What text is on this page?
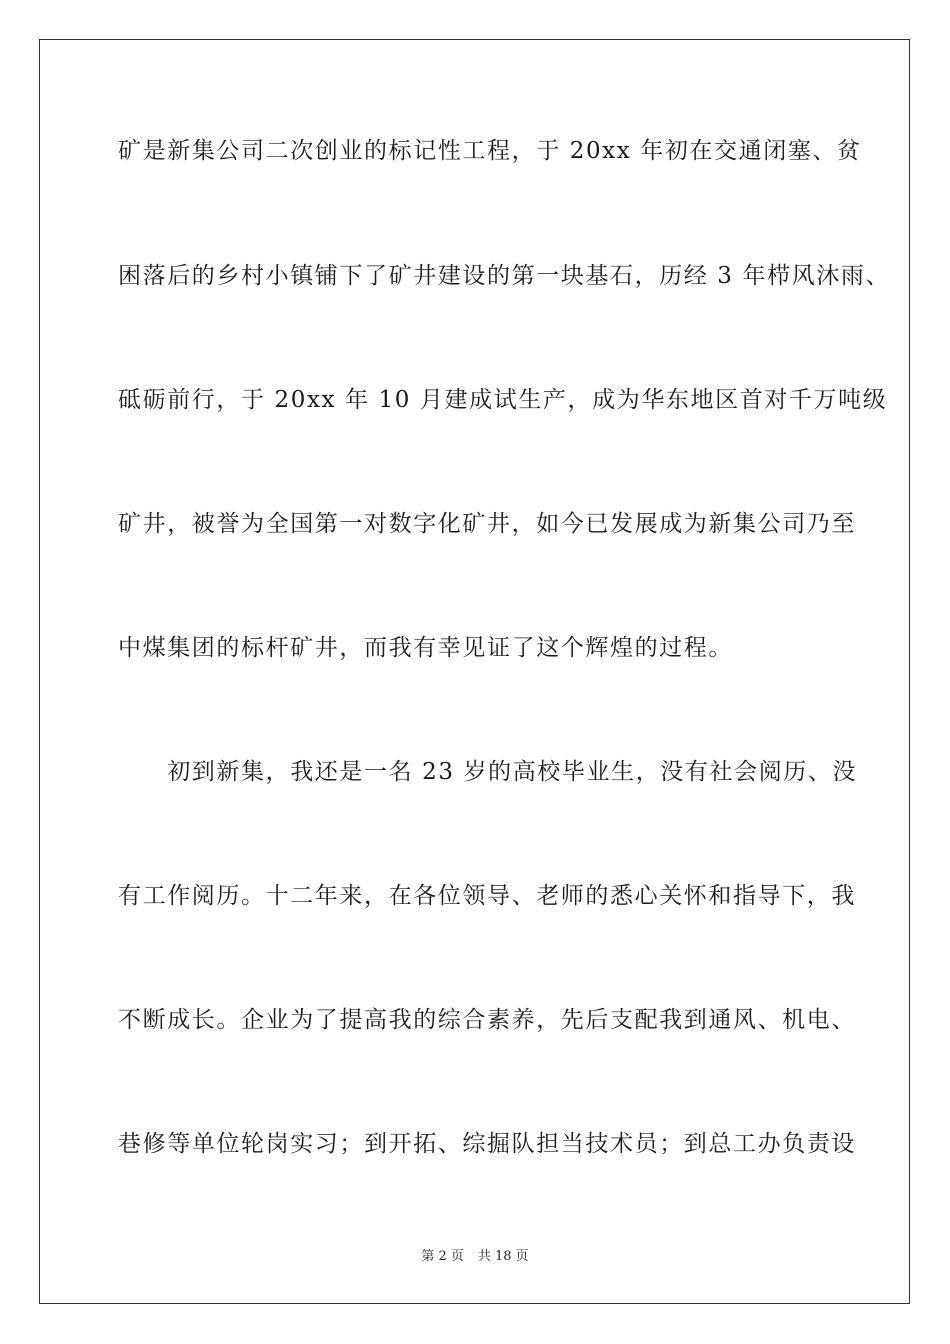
矿是新集公司二次创业的标记性工程，于 20xx 年初在交通闭塞、贫
困落后的乡村小镇铺下了矿井建设的第一块基石，历经 3 年栉风沐雨、
砥砺前行，于 20xx 年 10 月建成试生产，成为华东地区首对千万吨级
矿井，被誉为全国第一对数字化矿井，如今已发展成为新集公司乃至
中煤集团的标杆矿井，而我有幸见证了这个辉煌的过程。
　　初到新集，我还是一名 23 岁的高校毕业生，没有社会阅历、没
有工作阅历。十二年来，在各位领导、老师的悉心关怀和指导下，我
不断成长。企业为了提高我的综合素养，先后支配我到通风、机电、
巷修等单位轮岗实习；到开拓、综掘队担当技术员；到总工办负责设
第 2 页 共 18 页
